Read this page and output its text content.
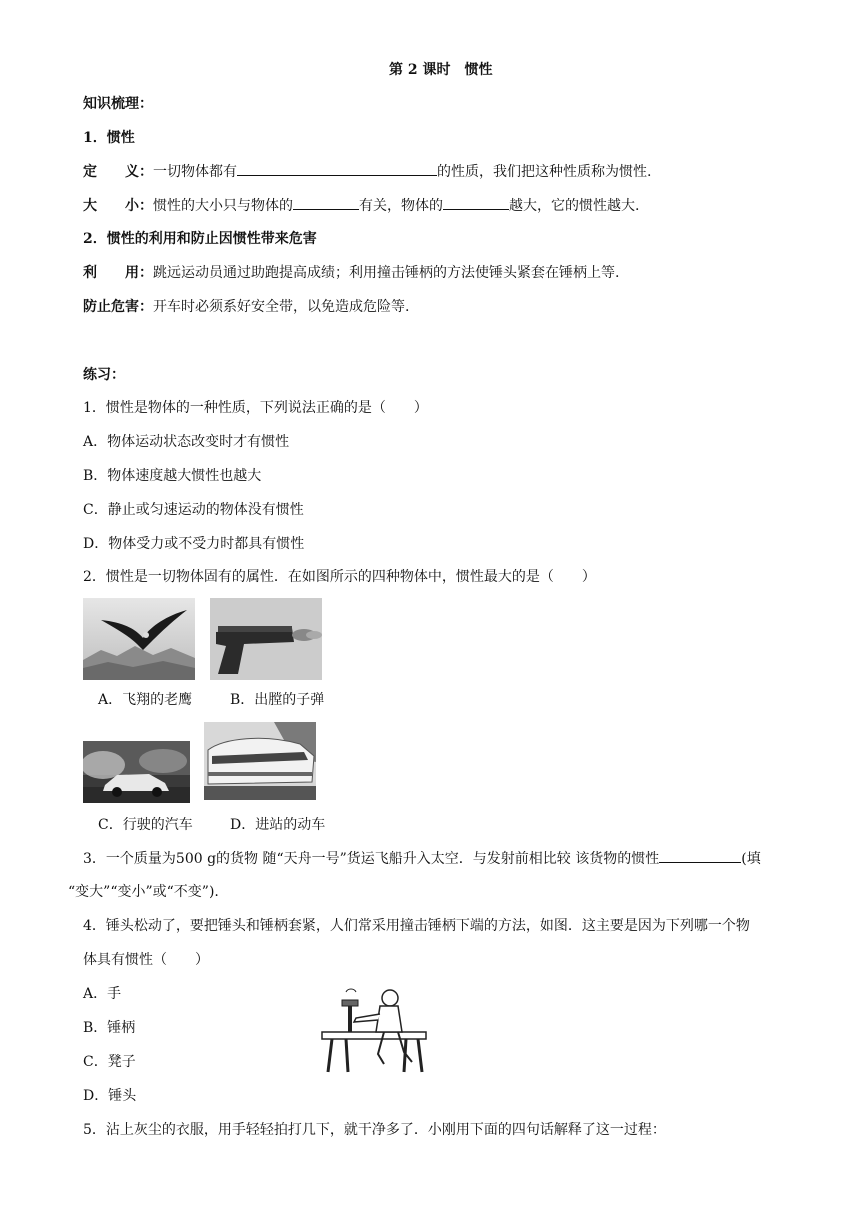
第 2 课时　惯性
知识梳理：
1．惯性
定　　义：一切物体都有	的性质，我们把这种性质称为惯性.
大　　小：惯性的大小只与物体的	有关，物体的	越大，它的惯性越大.
2．惯性的利用和防止因惯性带来危害
利　　用：跳远运动员通过助跑提高成绩；利用撞击锤柄的方法使锤头紧套在锤柄上等.
防止危害：开车时必须系好安全带，以免造成危险等.
练习：
1．惯性是物体的一种性质，下列说法正确的是（　　）
A．物体运动状态改变时才有惯性
B．物体速度越大惯性也越大
C．静止或匀速运动的物体没有惯性
D．物体受力或不受力时都具有惯性
2．惯性是一切物体固有的属性．在如图所示的四种物体中，惯性最大的是（　　）
A．飞翔的老鹰	B．出膛的子弹
C．行驶的汽车	D．进站的动车
3．一个质量为500 g的货物 随“天舟一号”货运飞船升入太空．与发射前相比较 该货物的惯性	(填
“变大”“变小”或“不变”).
4．锤头松动了，要把锤头和锤柄套紧，人们常采用撞击锤柄下端的方法，如图．这主要是因为下列哪一个物
体具有惯性（　　）
A．手
B．锤柄
C．凳子
D．锤头
5．沾上灰尘的衣服，用手轻轻拍打几下，就干净多了．小刚用下面的四句话解释了这一过程：
